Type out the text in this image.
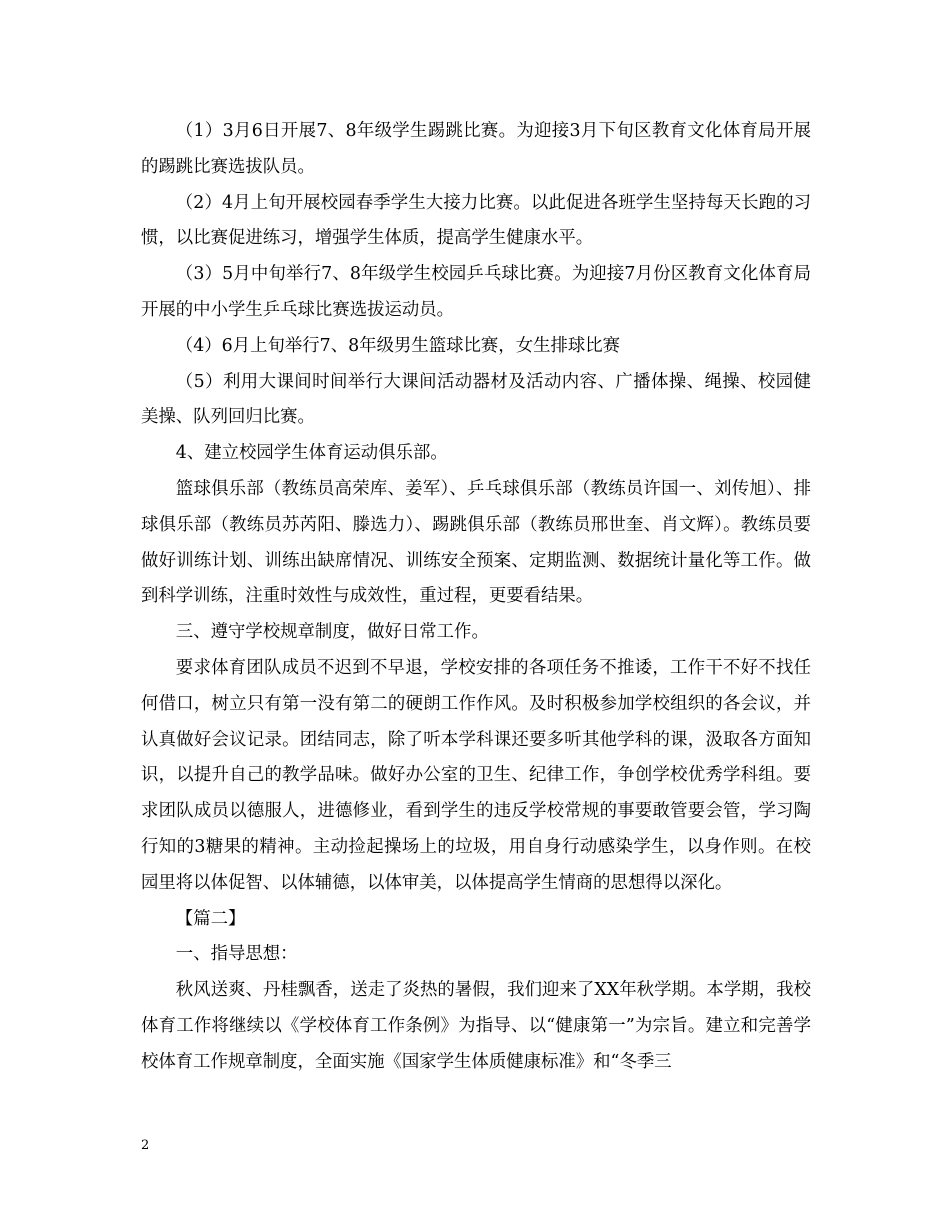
（1）3月6日开展7、8年级学生踢跳比赛。为迎接3月下旬区教育文化体育局开展的踢跳比赛选拔队员。

（2）4月上旬开展校园春季学生大接力比赛。以此促进各班学生坚持每天长跑的习惯，以比赛促进练习，增强学生体质，提高学生健康水平。

（3）5月中旬举行7、8年级学生校园乒乓球比赛。为迎接7月份区教育文化体育局开展的中小学生乒乓球比赛选拔运动员。

（4）6月上旬举行7、8年级男生篮球比赛，女生排球比赛

（5）利用大课间时间举行大课间活动器材及活动内容、广播体操、绳操、校园健美操、队列回归比赛。

4、建立校园学生体育运动俱乐部。

篮球俱乐部（教练员高荣库、姜军）、乒乓球俱乐部（教练员许国一、刘传旭）、排球俱乐部（教练员苏芮阳、滕选力）、踢跳俱乐部（教练员邢世奎、肖文辉）。教练员要做好训练计划、训练出缺席情况、训练安全预案、定期监测、数据统计量化等工作。做到科学训练，注重时效性与成效性，重过程，更要看结果。

三、遵守学校规章制度，做好日常工作。

要求体育团队成员不迟到不早退，学校安排的各项任务不推诿，工作干不好不找任何借口，树立只有第一没有第二的硬朗工作作风。及时积极参加学校组织的各会议，并认真做好会议记录。团结同志，除了听本学科课还要多听其他学科的课，汲取各方面知识，以提升自己的教学品味。做好办公室的卫生、纪律工作，争创学校优秀学科组。要求团队成员以德服人，进德修业，看到学生的违反学校常规的事要敢管要会管，学习陶行知的3糖果的精神。主动捡起操场上的垃圾，用自身行动感染学生，以身作则。在校园里将以体促智、以体辅德，以体审美，以体提高学生情商的思想得以深化。

【篇二】

一、指导思想：

秋风送爽、丹桂飘香，送走了炎热的暑假，我们迎来了XX年秋学期。本学期，我校体育工作将继续以《学校体育工作条例》为指导、以“健康第一”为宗旨。建立和完善学校体育工作规章制度，全面实施《国家学生体质健康标准》和“冬季三

2
